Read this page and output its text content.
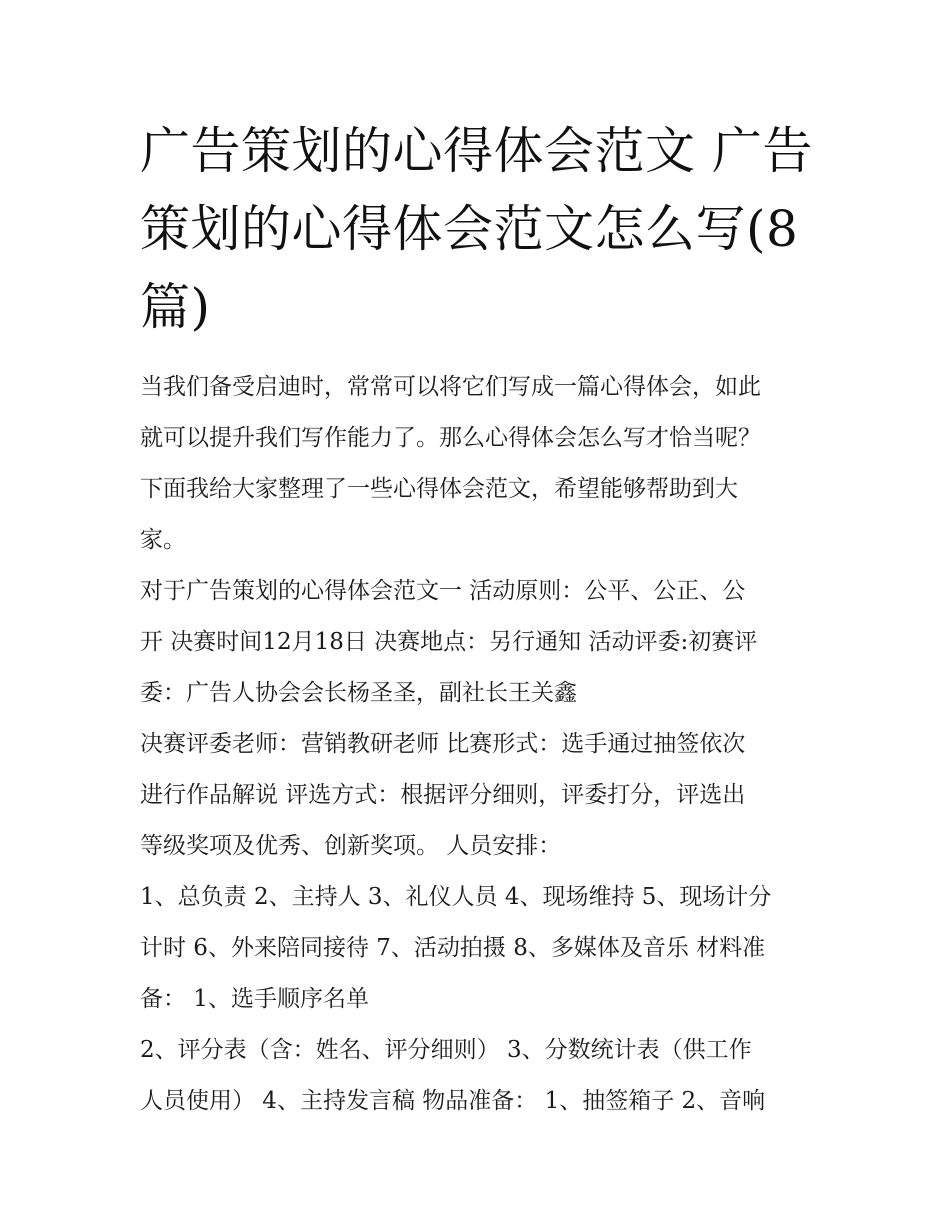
广告策划的心得体会范文 广告
策划的心得体会范文怎么写(8
篇)

当我们备受启迪时，常常可以将它们写成一篇心得体会，如此
就可以提升我们写作能力了。那么心得体会怎么写才恰当呢？
下面我给大家整理了一些心得体会范文，希望能够帮助到大
家。

对于广告策划的心得体会范文一 活动原则：公平、公正、公
开 决赛时间12月18日 决赛地点：另行通知 活动评委:初赛评
委：广告人协会会长杨圣圣，副社长王关鑫

决赛评委老师：营销教研老师 比赛形式：选手通过抽签依次
进行作品解说 评选方式：根据评分细则，评委打分，评选出
等级奖项及优秀、创新奖项。 人员安排：

1、总负责 2、主持人 3、礼仪人员 4、现场维持 5、现场计分
计时 6、外来陪同接待 7、活动拍摄 8、多媒体及音乐 材料准
备： 1、选手顺序名单

2、评分表（含：姓名、评分细则） 3、分数统计表（供工作
人员使用） 4、主持发言稿 物品准备： 1、抽签箱子 2、音响
